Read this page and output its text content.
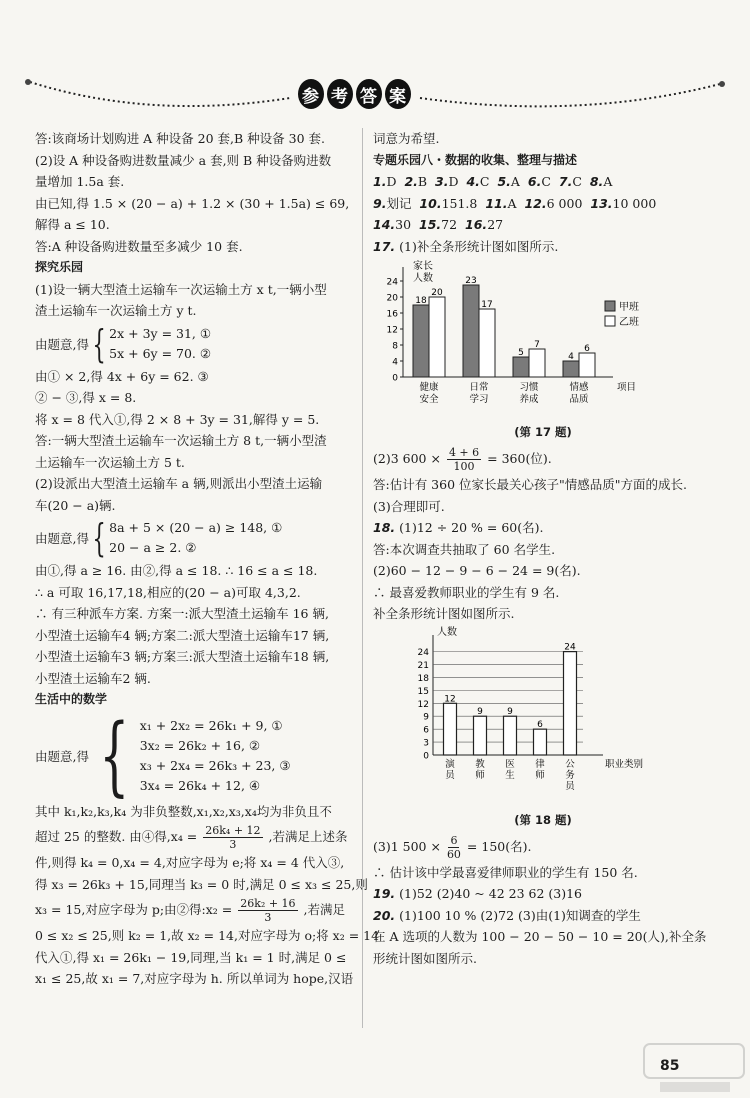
参 考 答 案
答:该商场计划购进 A 种设备 20 套,B 种设备 30 套.
(2)设 A 种设备购进数量减少 a 套,则 B 种设备购进数
量增加 1.5a 套.
由已知,得 1.5 × (20 − a) + 1.2 × (30 + 1.5a) ≤ 69,
解得 a ≤ 10.
答:A 种设备购进数量至多减少 10 套.
探究乐园
(1)设一辆大型渣土运输车一次运输土方 x t,一辆小型
渣土运输车一次运输土方 y t.
由题意,得 { 2x + 3y = 31, ①
5x + 6y = 70. ②
由① × 2,得 4x + 6y = 62. ③
② − ③,得 x = 8.
将 x = 8 代入①,得 2 × 8 + 3y = 31,解得 y = 5.
答:一辆大型渣土运输车一次运输土方 8 t,一辆小型渣
土运输车一次运输土方 5 t.
(2)设派出大型渣土运输车 a 辆,则派出小型渣土运输
车(20 − a)辆.
由题意,得 { 8a + 5 × (20 − a) ≥ 148, ①
20 − a ≥ 2. ②
由①,得 a ≥ 16. 由②,得 a ≤ 18. ∴ 16 ≤ a ≤ 18.
∴ a 可取 16,17,18,相应的(20 − a)可取 4,3,2.
∴ 有三种派车方案. 方案一:派大型渣土运输车 16 辆,
小型渣土运输车4 辆;方案二:派大型渣土运输车17 辆,
小型渣土运输车3 辆;方案三:派大型渣土运输车18 辆,
小型渣土运输车2 辆.
生活中的数学
由题意,得 { x₁ + 2x₂ = 26k₁ + 9, ①
3x₂ = 26k₂ + 16, ②
x₃ + 2x₄ = 26k₃ + 23, ③
3x₄ = 26k₄ + 12, ④
其中 k₁,k₂,k₃,k₄ 为非负整数,x₁,x₂,x₃,x₄均为非负且不
超过 25 的整数. 由④得$,x_4 = \frac{\text{26k₄ + 12}}{3}$ ,若满足上述条
件,则得 k₄ = 0,x₄ = 4,对应字母为 e;将 x₄ = 4 代入③,
得 x₃ = 26k₃ + 15,同理当 k₃ = 0 时,满足 0 ≤ x₃ ≤ 25,则
x₃ = 15,对应字母为 p;由②得:x₂ = $\frac{\text{26k₂ + 16}}{3}$ ,若满足
0 ≤ x₂ ≤ 25,则 k₂ = 1,故 x₂ = 14,对应字母为 o;将 x₂ = 14
代入①,得 x₁ = 26k₁ − 19,同理,当 k₁ = 1 时,满足 0 ≤
x₁ ≤ 25,故 x₁ = 7,对应字母为 h. 所以单词为 hope,汉语
词意为希望.
专题乐园八・数据的收集、整理与描述
1.D 2.B 3.D 4.C 5.A 6.C 7.C 8.A
9.划记 10.151.8 11.A 12.6 000 13.10 000
14.30 15.72 16.27
17. (1)补全条形统计图如图所示.
家长
人数
0
4
8
12
16
20
24
18
20
健康
安全
23
17
日常
学习
5
7
习惯
养成
4
6
情感
品质
项目
甲班
乙班
(第 17 题)
(2)3 $600 \times \frac{4 + 6}{100} = 360$(位).
答:估计有 360 位家长最关心孩子"情感品质"方面的成长.
(3)合理即可.
18. (1)12 ÷ 20 % = 60(名).
答:本次调查共抽取了 60 名学生.
(2)60 − 12 − 9 − 6 − 24 = 9(名).
∴ 最喜爱教师职业的学生有 9 名.
补全条形统计图如图所示.
人数
0
3
6
9
12
15
18
21
24
12
演
员
9
教
师
9
医
生
6
律
师
24
公
务
员
职业类别
(第 18 题)
(3)1 $500 \times \frac{6}{60} = 150$(名).
∴ 估计该中学最喜爱律师职业的学生有 150 名.
19. (1)52 (2)40 ~ 42 23 62 (3)16
20. (1)100 10 % (2)72 (3)由(1)知调查的学生
在 A 选项的人数为 100 − 20 − 50 − 10 = 20(人),补全条
形统计图如图所示.
85
